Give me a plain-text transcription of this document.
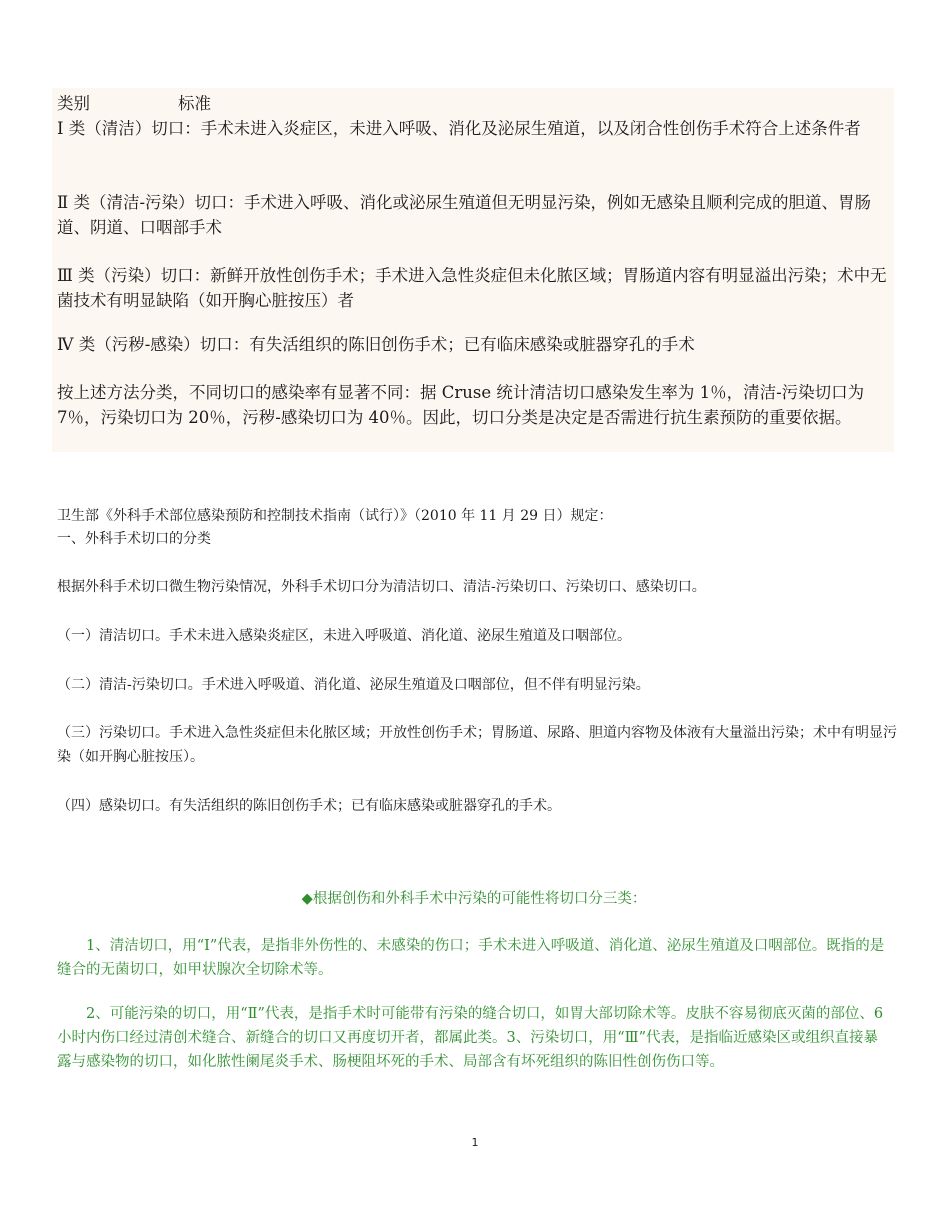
类别	标准

Ⅰ 类（清洁）切口：手术未进入炎症区，未进入呼吸、消化及泌尿生殖道，以及闭合性创伤手术符合上述条件者

Ⅱ 类（清洁-污染）切口：手术进入呼吸、消化或泌尿生殖道但无明显污染，例如无感染且顺利完成的胆道、胃肠道、阴道、口咽部手术

Ⅲ 类（污染）切口：新鲜开放性创伤手术；手术进入急性炎症但未化脓区域；胃肠道内容有明显溢出污染；术中无菌技术有明显缺陷（如开胸心脏按压）者

Ⅳ 类（污秽-感染）切口：有失活组织的陈旧创伤手术；已有临床感染或脏器穿孔的手术

按上述方法分类，不同切口的感染率有显著不同：据 Cruse 统计清洁切口感染发生率为 1％，清洁-污染切口为 7％，污染切口为 20％，污秽-感染切口为 40％。因此，切口分类是决定是否需进行抗生素预防的重要依据。

卫生部《外科手术部位感染预防和控制技术指南（试行）》（2010 年 11 月 29 日）规定：

一、外科手术切口的分类

根据外科手术切口微生物污染情况，外科手术切口分为清洁切口、清洁-污染切口、污染切口、感染切口。

（一）清洁切口。手术未进入感染炎症区，未进入呼吸道、消化道、泌尿生殖道及口咽部位。

（二）清洁-污染切口。手术进入呼吸道、消化道、泌尿生殖道及口咽部位，但不伴有明显污染。

（三）污染切口。手术进入急性炎症但未化脓区域；开放性创伤手术；胃肠道、尿路、胆道内容物及体液有大量溢出污染；术中有明显污染（如开胸心脏按压）。

（四）感染切口。有失活组织的陈旧创伤手术；已有临床感染或脏器穿孔的手术。

◆根据创伤和外科手术中污染的可能性将切口分三类：

1、清洁切口，用“Ⅰ”代表，是指非外伤性的、未感染的伤口；手术未进入呼吸道、消化道、泌尿生殖道及口咽部位。既指的是缝合的无菌切口，如甲状腺次全切除术等。

2、可能污染的切口，用“Ⅱ”代表，是指手术时可能带有污染的缝合切口，如胃大部切除术等。皮肤不容易彻底灭菌的部位、6 小时内伤口经过清创术缝合、新缝合的切口又再度切开者，都属此类。3、污染切口，用“Ⅲ”代表，是指临近感染区或组织直接暴露与感染物的切口，如化脓性阑尾炎手术、肠梗阻坏死的手术、局部含有坏死组织的陈旧性创伤伤口等。

1
